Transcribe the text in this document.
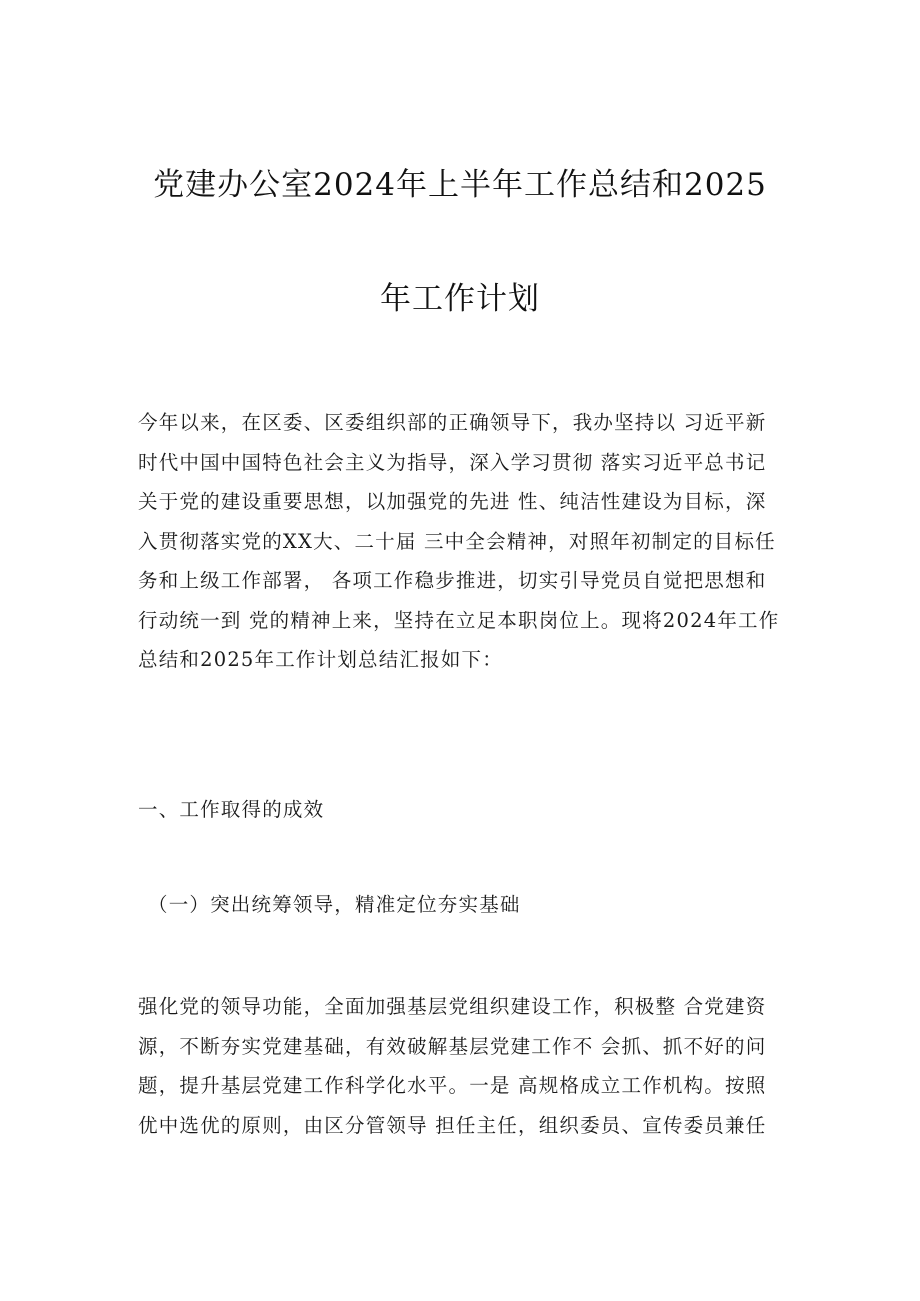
党建办公室2024年上半年工作总结和2025
年工作计划
今年以来，在区委、区委组织部的正确领导下，我办坚持以 习近平新
时代中国中国特色社会主义为指导，深入学习贯彻 落实习近平总书记
关于党的建设重要思想，以加强党的先进 性、纯洁性建设为目标，深
入贯彻落实党的XX大、二十届 三中全会精神，对照年初制定的目标任
务和上级工作部署， 各项工作稳步推进，切实引导党员自觉把思想和
行动统一到 党的精神上来，坚持在立足本职岗位上。现将2024年工作
总结和2025年工作计划总结汇报如下：
一、工作取得的成效
（一）突出统筹领导，精准定位夯实基础
强化党的领导功能，全面加强基层党组织建设工作，积极整 合党建资
源，不断夯实党建基础，有效破解基层党建工作不 会抓、抓不好的问
题，提升基层党建工作科学化水平。一是 高规格成立工作机构。按照
优中选优的原则，由区分管领导 担任主任，组织委员、宣传委员兼任
